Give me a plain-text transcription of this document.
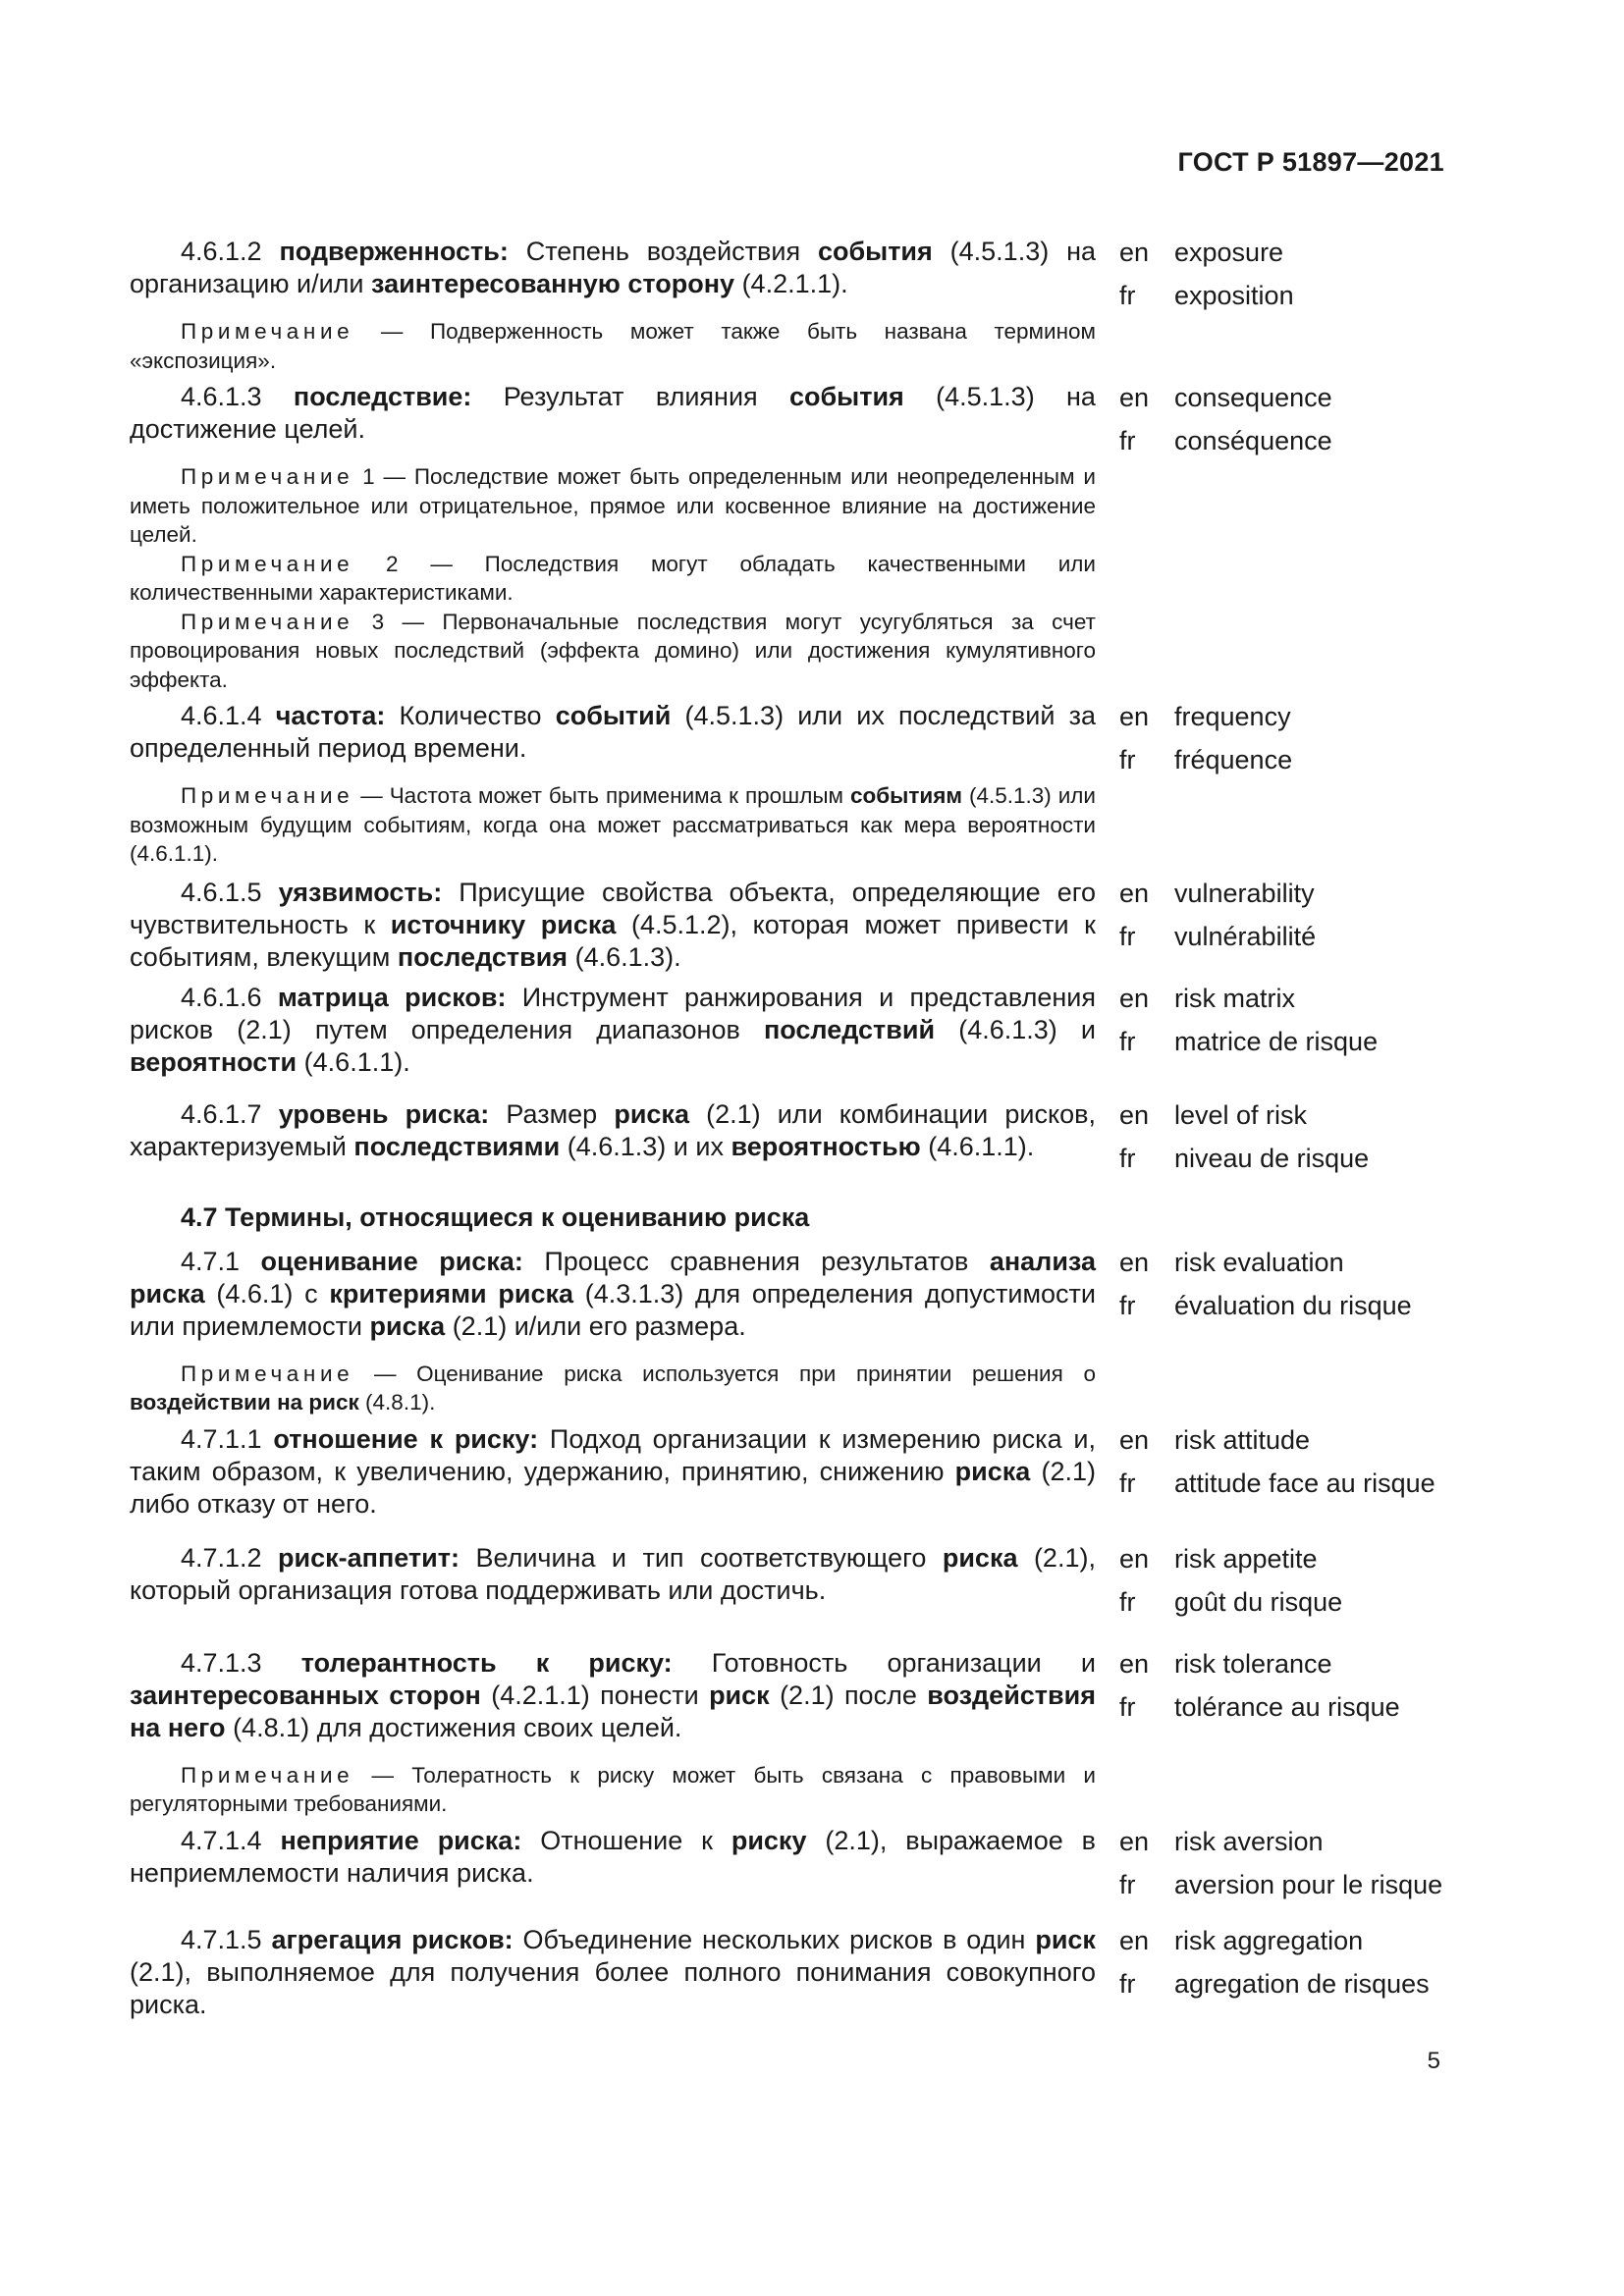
ГОСТ Р 51897—2021

4.6.1.2 подверженность: Степень воздействия события (4.5.1.3) на организацию и/или заинтересованную сторону (4.2.1.1).

Примечание — Подверженность может также быть названа термином «экспозиция».

en exposure
fr	exposition

4.6.1.3 последствие: Результат влияния события (4.5.1.3) на достижение целей.

Примечание 1 — Последствие может быть определенным или неопределенным и иметь положительное или отрицательное, прямое или косвенное влияние на достижение целей.

Примечание 2 — Последствия могут обладать качественными или количественными характеристиками.

Примечание 3 — Первоначальные последствия могут усугубляться за счет провоцирования новых последствий (эффекта домино) или достижения кумулятивного эффекта.

en consequence
fr	conséquence

4.6.1.4 частота: Количество событий (4.5.1.3) или их последствий за определенный период времени.

Примечание — Частота может быть применима к прошлым событиям (4.5.1.3) или возможным будущим событиям, когда она может рассматриваться как мера вероятности (4.6.1.1).

en frequency
fr	fréquence

4.6.1.5 уязвимость: Присущие свойства объекта, определяющие его чувствительность к источнику риска (4.5.1.2), которая может привести к событиям, влекущим последствия (4.6.1.3).

en vulnerability
fr	vulnérabilité

4.6.1.6 матрица рисков: Инструмент ранжирования и представления рисков (2.1) путем определения диапазонов последствий (4.6.1.3) и вероятности (4.6.1.1).

en risk matrix
fr	matrice de risque

4.6.1.7 уровень риска: Размер риска (2.1) или комбинации рисков, характеризуемый последствиями (4.6.1.3) и их вероятностью (4.6.1.1).

en level of risk
fr	niveau de risque

4.7 Термины, относящиеся к оцениванию риска

4.7.1 оценивание риска: Процесс сравнения результатов анализа риска (4.6.1) с критериями риска (4.3.1.3) для определения допустимости или приемлемости риска (2.1) и/или его размера.

Примечание — Оценивание риска используется при принятии решения о воздействии на риск (4.8.1).

en risk evaluation
fr	évaluation du risque

4.7.1.1 отношение к риску: Подход организации к измерению риска и, таким образом, к увеличению, удержанию, принятию, снижению риска (2.1) либо отказу от него.

en risk attitude
fr	attitude face au risque

4.7.1.2 риск-аппетит: Величина и тип соответствующего риска (2.1), который организация готова поддерживать или достичь.

en risk appetite
fr	goût du risque

4.7.1.3 толерантность к риску: Готовность организации и заинтересованных сторон (4.2.1.1) понести риск (2.1) после воздействия на него (4.8.1) для достижения своих целей.

Примечание — Толератность к риску может быть связана с правовыми и регуляторными требованиями.

en risk tolerance
fr	tolérance au risque

4.7.1.4 неприятие риска: Отношение к риску (2.1), выражаемое в неприемлемости наличия риска.

en risk aversion
fr	aversion pour le risque

4.7.1.5 агрегация рисков: Объединение нескольких рисков в один риск (2.1), выполняемое для получения более полного понимания совокупного риска.

en risk aggregation
fr	agregation de risques
5
